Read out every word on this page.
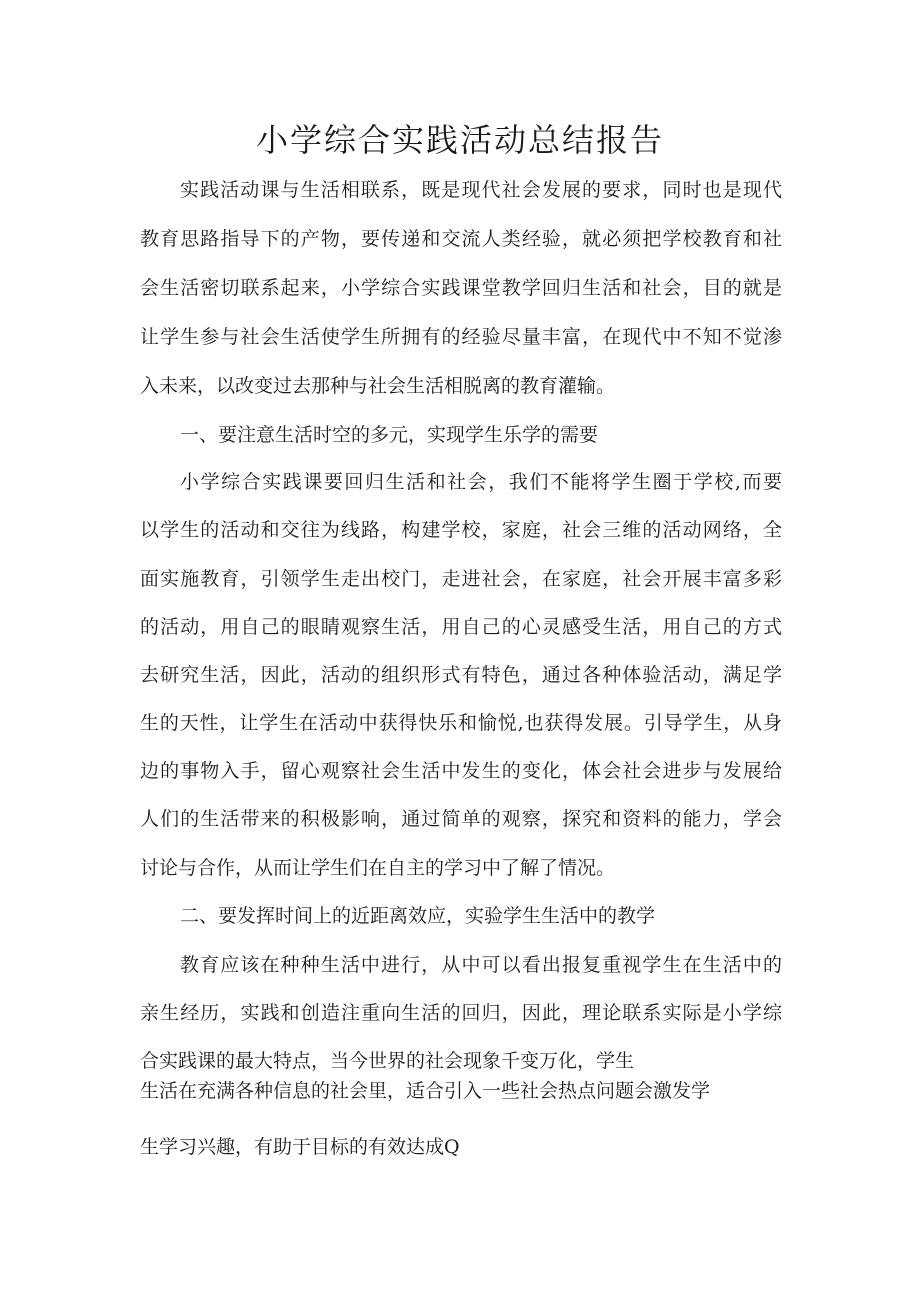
小学综合实践活动总结报告
实践活动课与生活相联系，既是现代社会发展的要求，同时也是现代
教育思路指导下的产物，要传递和交流人类经验，就必须把学校教育和社
会生活密切联系起来，小学综合实践课堂教学回归生活和社会，目的就是
让学生参与社会生活使学生所拥有的经验尽量丰富，在现代中不知不觉渗
入未来，以改变过去那种与社会生活相脱离的教育灌输。
一、要注意生活时空的多元，实现学生乐学的需要
小学综合实践课要回归生活和社会，我们不能将学生圈于学校,而要
以学生的活动和交往为线路，构建学校，家庭，社会三维的活动网络，全
面实施教育，引领学生走出校门，走进社会，在家庭，社会开展丰富多彩
的活动，用自己的眼睛观察生活，用自己的心灵感受生活，用自己的方式
去研究生活，因此，活动的组织形式有特色，通过各种体验活动，满足学
生的天性，让学生在活动中获得快乐和愉悦,也获得发展。引导学生，从身
边的事物入手，留心观察社会生活中发生的变化，体会社会进步与发展给
人们的生活带来的积极影响，通过简单的观察，探究和资料的能力，学会
讨论与合作，从而让学生们在自主的学习中了解了情况。
二、要发挥时间上的近距离效应，实验学生生活中的教学
教育应该在种种生活中进行，从中可以看出报复重视学生在生活中的
亲生经历，实践和创造注重向生活的回归，因此，理论联系实际是小学综
合实践课的最大特点，当今世界的社会现象千变万化，学生
生活在充满各种信息的社会里，适合引入一些社会热点问题会激发学
生学习兴趣，有助于目标的有效达成Q
